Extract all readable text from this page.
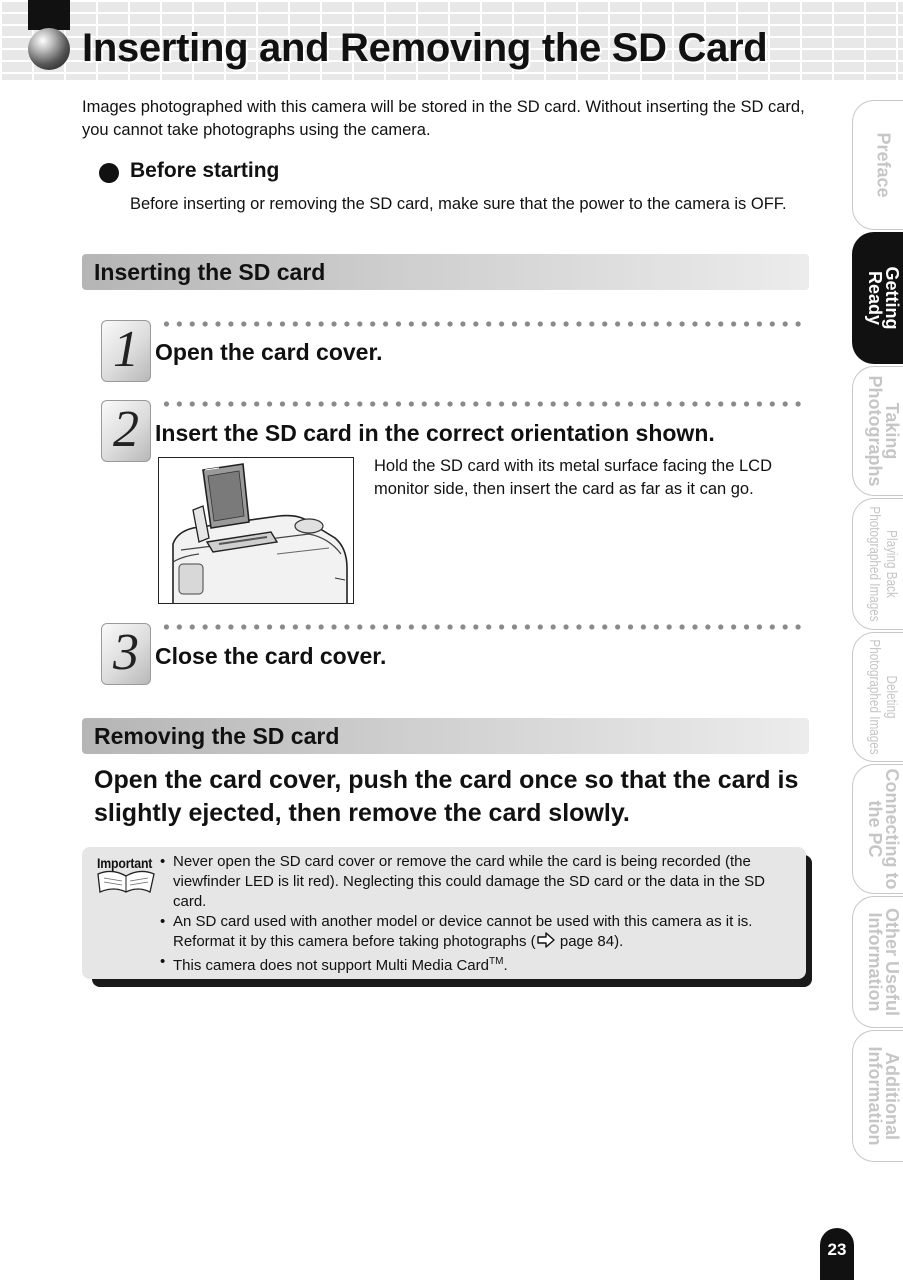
Inserting and Removing the SD Card

Images photographed with this camera will be stored in the SD card. Without inserting the SD card, you cannot take photographs using the camera.

Before starting

Before inserting or removing the SD card, make sure that the power to the camera is OFF.

Inserting the SD card
1 Open the card cover.
2 Insert the SD card in the correct orientation shown.

Hold the SD card with its metal surface facing the LCD monitor side, then insert the card as far as it can go.

3 Close the card cover.
Removing the SD card

Open the card cover, push the card once so that the card is slightly ejected, then remove the card slowly.

Important
•	Never open the SD card cover or remove the card while the card is being recorded (the viewfinder LED is lit red). Neglecting this could damage the SD card or the data in the SD card.
• An SD card used with another model or device cannot be used with this camera as it is. Reformat it by this camera before taking photographs ( page 84).
• This camera does not support Multi Media Card™.
Preface
Getting
Ready
Taking
Photographs
Playing Back
Photographed Images
Deleting
Photographed Images
Connecting to
the PC
Other Useful
Information
Additional
Information
23
